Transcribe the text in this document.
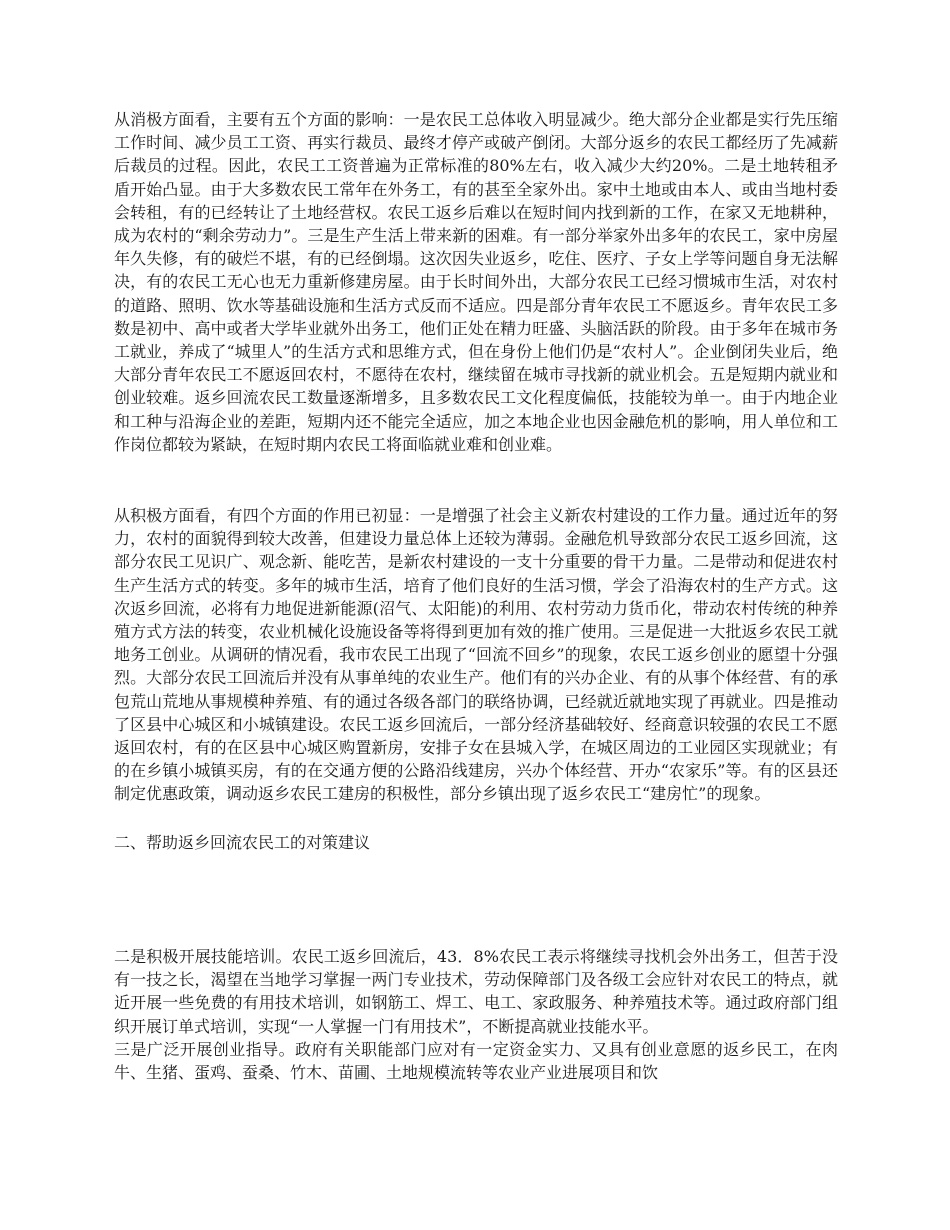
从消极方面看，主要有五个方面的影响：一是农民工总体收入明显减少。绝大部分企业都是实行先压缩工作时间、减少员工工资、再实行裁员、最终才停产或破产倒闭。大部分返乡的农民工都经历了先减薪后裁员的过程。因此，农民工工资普遍为正常标准的80%左右，收入减少大约20%。二是土地转租矛盾开始凸显。由于大多数农民工常年在外务工，有的甚至全家外出。家中土地或由本人、或由当地村委会转租，有的已经转让了土地经营权。农民工返乡后难以在短时间内找到新的工作，在家又无地耕种，成为农村的“剩余劳动力”。三是生产生活上带来新的困难。有一部分举家外出多年的农民工，家中房屋年久失修，有的破烂不堪，有的已经倒塌。这次因失业返乡，吃住、医疗、子女上学等问题自身无法解决，有的农民工无心也无力重新修建房屋。由于长时间外出，大部分农民工已经习惯城市生活，对农村的道路、照明、饮水等基础设施和生活方式反而不适应。四是部分青年农民工不愿返乡。青年农民工多数是初中、高中或者大学毕业就外出务工，他们正处在精力旺盛、头脑活跃的阶段。由于多年在城市务工就业，养成了“城里人”的生活方式和思维方式，但在身份上他们仍是“农村人”。企业倒闭失业后，绝大部分青年农民工不愿返回农村，不愿待在农村，继续留在城市寻找新的就业机会。五是短期内就业和创业较难。返乡回流农民工数量逐渐增多，且多数农民工文化程度偏低，技能较为单一。由于内地企业和工种与沿海企业的差距，短期内还不能完全适应，加之本地企业也因金融危机的影响，用人单位和工作岗位都较为紧缺，在短时期内农民工将面临就业难和创业难。

从积极方面看，有四个方面的作用已初显：一是增强了社会主义新农村建设的工作力量。通过近年的努力，农村的面貌得到较大改善，但建设力量总体上还较为薄弱。金融危机导致部分农民工返乡回流，这部分农民工见识广、观念新、能吃苦，是新农村建设的一支十分重要的骨干力量。二是带动和促进农村生产生活方式的转变。多年的城市生活，培育了他们良好的生活习惯，学会了沿海农村的生产方式。这次返乡回流，必将有力地促进新能源(沼气、太阳能)的利用、农村劳动力货币化，带动农村传统的种养殖方式方法的转变，农业机械化设施设备等将得到更加有效的推广使用。三是促进一大批返乡农民工就地务工创业。从调研的情况看，我市农民工出现了“回流不回乡”的现象，农民工返乡创业的愿望十分强烈。大部分农民工回流后并没有从事单纯的农业生产。他们有的兴办企业、有的从事个体经营、有的承包荒山荒地从事规模种养殖、有的通过各级各部门的联络协调，已经就近就地实现了再就业。四是推动了区县中心城区和小城镇建设。农民工返乡回流后，一部分经济基础较好、经商意识较强的农民工不愿返回农村，有的在区县中心城区购置新房，安排子女在县城入学，在城区周边的工业园区实现就业；有的在乡镇小城镇买房，有的在交通方便的公路沿线建房，兴办个体经营、开办“农家乐”等。有的区县还制定优惠政策，调动返乡农民工建房的积极性，部分乡镇出现了返乡农民工“建房忙”的现象。

二、帮助返乡回流农民工的对策建议

二是积极开展技能培训。农民工返乡回流后，43．8%农民工表示将继续寻找机会外出务工，但苦于没有一技之长，渴望在当地学习掌握一两门专业技术，劳动保障部门及各级工会应针对农民工的特点，就近开展一些免费的有用技术培训，如钢筋工、焊工、电工、家政服务、种养殖技术等。通过政府部门组织开展订单式培训，实现“一人掌握一门有用技术”，不断提高就业技能水平。

三是广泛开展创业指导。政府有关职能部门应对有一定资金实力、又具有创业意愿的返乡民工，在肉牛、生猪、蛋鸡、蚕桑、竹木、苗圃、土地规模流转等农业产业进展项目和饮
